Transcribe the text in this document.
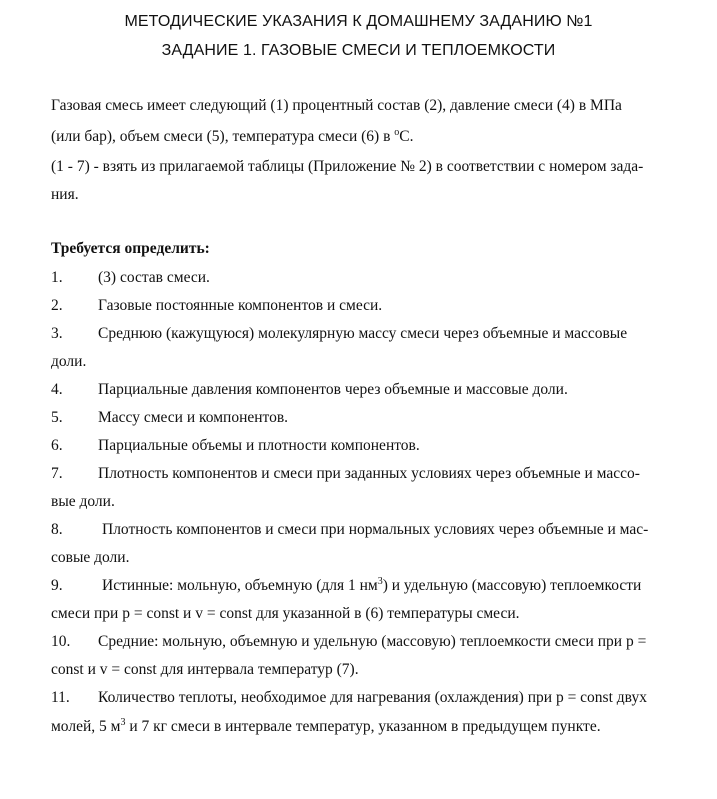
МЕТОДИЧЕСКИЕ УКАЗАНИЯ К ДОМАШНЕМУ ЗАДАНИЮ №1
ЗАДАНИЕ 1. ГАЗОВЫЕ СМЕСИ И ТЕПЛОЕМКОСТИ
Газовая смесь имеет следующий (1) процентный состав (2), давление смеси (4) в МПа
(или бар), объем смеси (5), температура смеси (6) в $^o$C.
(1 - 7) - взять из прилагаемой таблицы (Приложение № 2) в соответствии с номером зада-
ния.
Требуется определить:
1. (3) состав смеси.
2. Газовые постоянные компонентов и смеси.
3. Среднюю (кажущуюся) молекулярную массу смеси через объемные и массовые
доли.
4. Парциальные давления компонентов через объемные и массовые доли.
5. Массу смеси и компонентов.
6. Парциальные объемы и плотности компонентов.
7. Плотность компонентов и смеси при заданных условиях через объемные и массо-
вые доли.
8.	Плотность компонентов и смеси при нормальных условиях через объемные и мас-
совые доли.
9.	Истинные: мольную, объемную (для 1 $нм^3$) и удельную (массовую) теплоемкости
смеси при р = const и v = const для указанной в (6) температуры смеси.
10. Средние: мольную, объемную и удельную (массовую) теплоемкости смеси при р =
const и v = const для интервала температур (7).
11. Количество теплоты, необходимое для нагревания (охлаждения) при р = const двух
молей, 5 $м^3$ и 7 кг смеси в интервале температур, указанном в предыдущем пункте.
